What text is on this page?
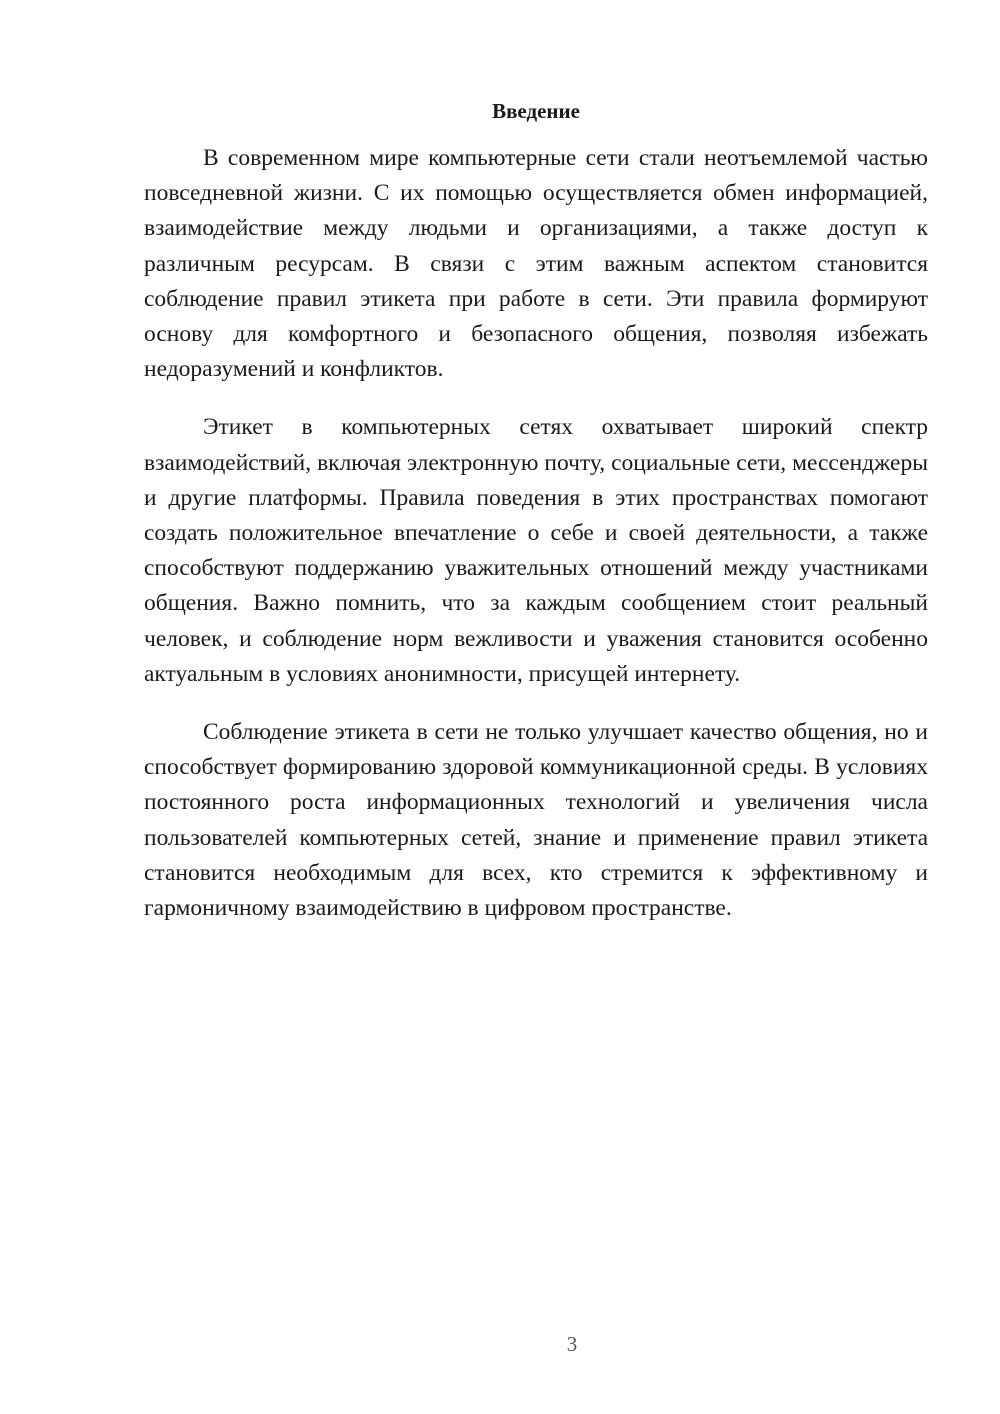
Введение

В современном мире компьютерные сети стали неотъемлемой частью повседневной жизни. С их помощью осуществляется обмен информацией, взаимодействие между людьми и организациями, а также доступ к различным ресурсам. В связи с этим важным аспектом становится соблюдение правил этикета при работе в сети. Эти правила формируют основу для комфортного и безопасного общения, позволяя избежать недоразумений и конфликтов.

Этикет в компьютерных сетях охватывает широкий спектр взаимодействий, включая электронную почту, социальные сети, мессенджеры и другие платформы. Правила поведения в этих пространствах помогают создать положительное впечатление о себе и своей деятельности, а также способствуют поддержанию уважительных отношений между участниками общения. Важно помнить, что за каждым сообщением стоит реальный человек, и соблюдение норм вежливости и уважения становится особенно актуальным в условиях анонимности, присущей интернету.

Соблюдение этикета в сети не только улучшает качество общения, но и способствует формированию здоровой коммуникационной среды. В условиях постоянного роста информационных технологий и увеличения числа пользователей компьютерных сетей, знание и применение правил этикета становится необходимым для всех, кто стремится к эффективному и гармоничному взаимодействию в цифровом пространстве.

3
